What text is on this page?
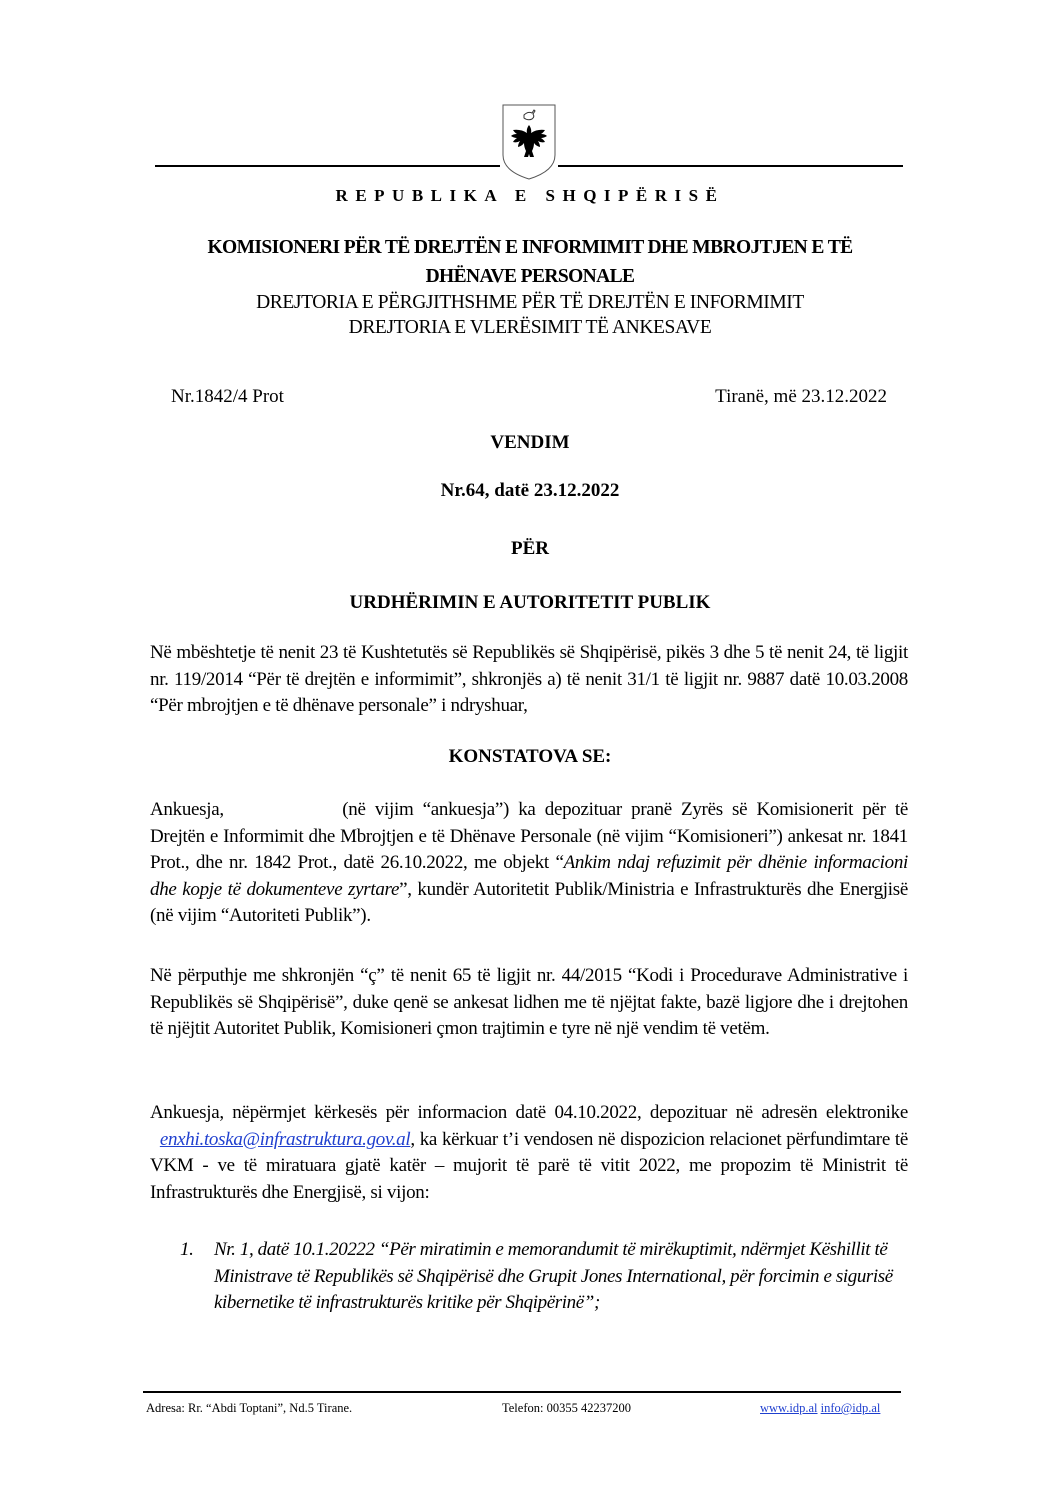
REPUBLIKA E SHQIPËRISË
KOMISIONERI PËR TË DREJTËN E INFORMIMIT DHE MBROJTJEN E TË
DHËNAVE PERSONALE
DREJTORIA E PËRGJITHSHME PËR TË DREJTËN E INFORMIMIT
DREJTORIA E VLERËSIMIT TË ANKESAVE
Nr.1842/4 Prot	Tiranë, më 23.12.2022
VENDIM
Nr.64, datë 23.12.2022
PËR
URDHËRIMIN E AUTORITETIT PUBLIK
Në mbështetje të nenit 23 të Kushtetutës së Republikës së Shqipërisë, pikës 3 dhe 5 të nenit 24, të ligjit nr. 119/2014 “Për të drejtën e informimit”, shkronjës a) të nenit 31/1 të ligjit nr. 9887 datë 10.03.2008 “Për mbrojtjen e të dhënave personale” i ndryshuar,
KONSTATOVA SE:
Ankuesja,	(në vijim “ankuesja”) ka depozituar pranë Zyrës së Komisionerit për të Drejtën e Informimit dhe Mbrojtjen e të Dhënave Personale (në vijim “Komisioneri”) ankesat nr. 1841 Prot., dhe nr. 1842 Prot., datë 26.10.2022, me objekt “Ankim ndaj refuzimit për dhënie informacioni dhe kopje të dokumenteve zyrtare”, kundër Autoritetit Publik/Ministria e Infrastrukturës dhe Energjisë (në vijim “Autoriteti Publik”).
Në përputhje me shkronjën “ç” të nenit 65 të ligjit nr. 44/2015 “Kodi i Procedurave Administrative i Republikës së Shqipërisë”, duke qenë se ankesat lidhen me të njëjtat fakte, bazë ligjore dhe i drejtohen të njëjtit Autoritet Publik, Komisioneri çmon trajtimin e tyre në një vendim të vetëm.
Ankuesja, nëpërmjet kërkesës për informacion datë 04.10.2022, depozituar në adresën elektronike   enxhi.toska@infrastruktura.gov.al, ka kërkuar t’i vendosen në dispozicion relacionet përfundimtare të VKM - ve të miratuara gjatë katër – mujorit të parë të vitit 2022, me propozim të Ministrit të Infrastrukturës dhe Energjisë, si vijon:
1. Nr. 1, datë 10.1.20222 “Për miratimin e memorandumit të mirëkuptimit, ndërmjet Këshillit të Ministrave të Republikës së Shqipërisë dhe Grupit Jones International, për forcimin e sigurisë kibernetike të infrastrukturës kritike për Shqipërinë”;
Adresa: Rr. “Abdi Toptani”, Nd.5 Tirane.	Telefon: 00355 42237200	www.idp.al info@idp.al
